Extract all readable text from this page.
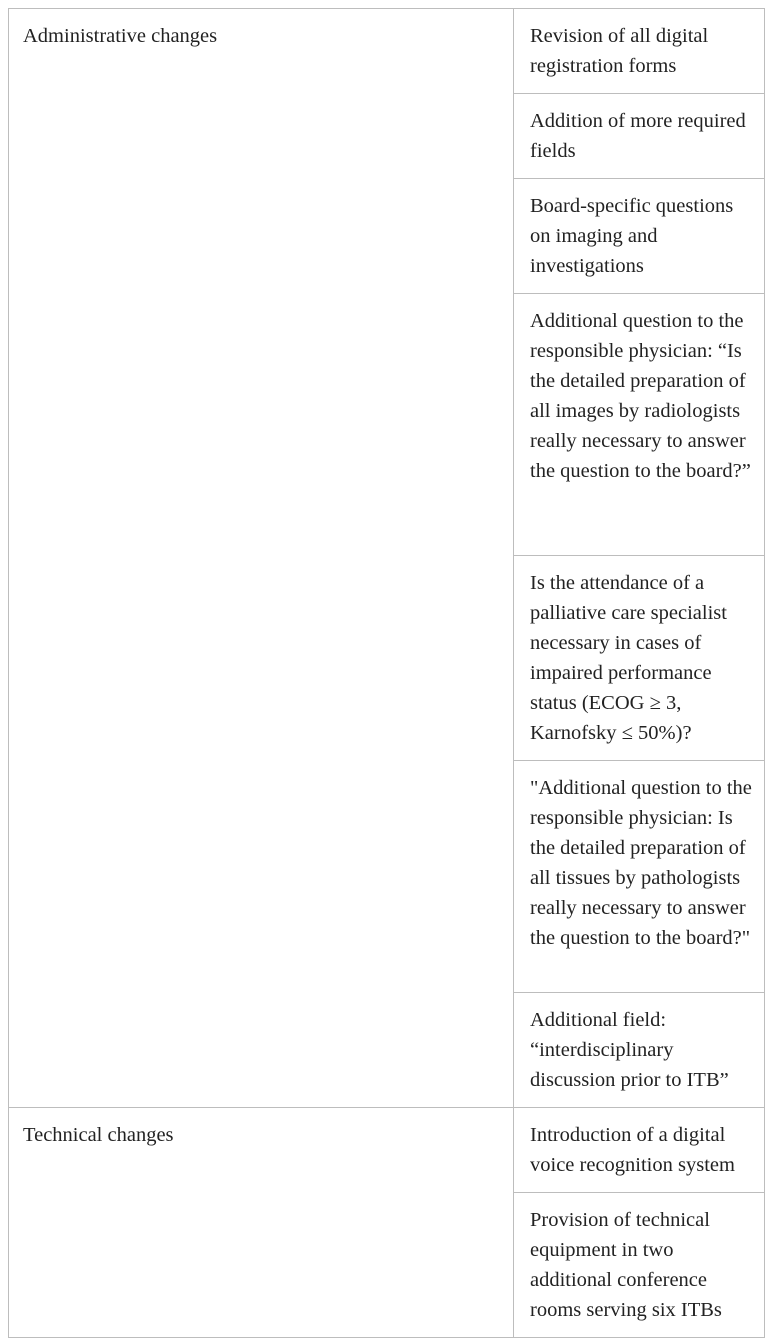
Administrative changes	Revision of all digital registration forms
	Addition of more required fields
	Board-specific questions on imaging and investigations
	Additional question to the responsible physician: “Is the detailed preparation of all images by radiologists really necessary to answer the question to the board?”
	Is the attendance of a palliative care specialist necessary in cases of impaired performance status (ECOG ≥ 3, Karnofsky ≤ 50%)?
	"Additional question to the responsible physician: Is the detailed preparation of all tissues by pathologists really necessary to answer the question to the board?"
	Additional field: “interdisciplinary discussion prior to ITB”
Technical changes	Introduction of a digital voice recognition system
	Provision of technical equipment in two additional conference rooms serving six ITBs
